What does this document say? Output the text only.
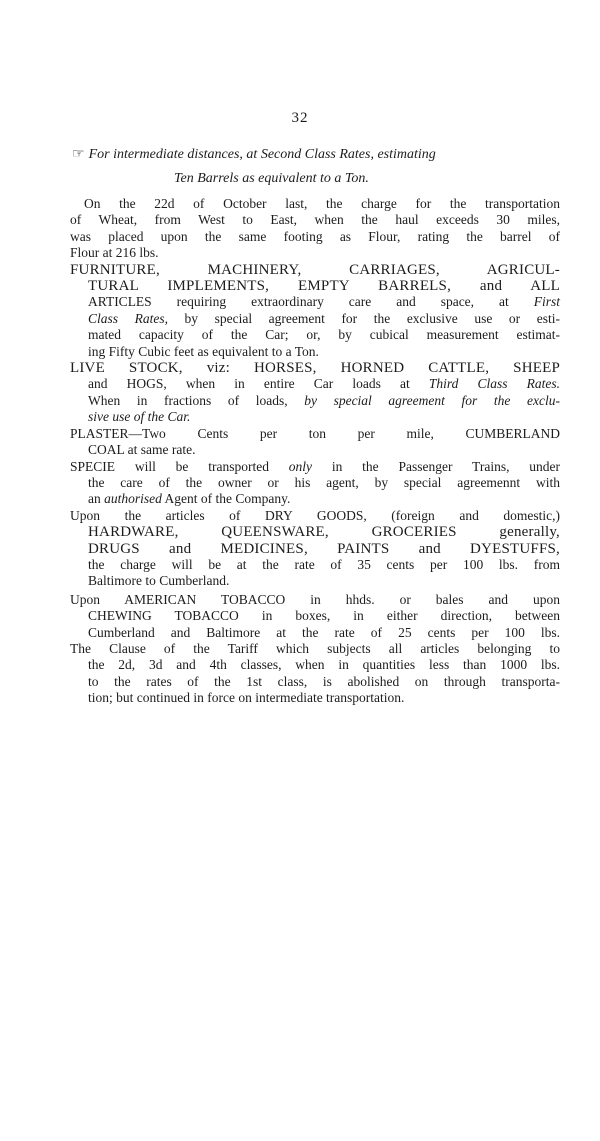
32
☞ For intermediate distances, at Second Class Rates, estimating
Ten Barrels as equivalent to a Ton.
On the 22d of October last, the charge for the transportation
of Wheat, from West to East, when the haul exceeds 30 miles,
was placed upon the same footing as Flour, rating the barrel of
Flour at 216 lbs.
FURNITURE, MACHINERY, CARRIAGES, AGRICUL-
TURAL IMPLEMENTS, EMPTY BARRELS, and ALL
ARTICLES requiring extraordinary care and space, at First
Class Rates, by special agreement for the exclusive use or esti-
mated capacity of the Car; or, by cubical measurement estimat-
ing Fifty Cubic feet as equivalent to a Ton.
LIVE STOCK, viz: HORSES, HORNED CATTLE, SHEEP
and HOGS, when in entire Car loads at Third Class Rates.
When in fractions of loads, by special agreement for the exclu-
sive use of the Car.
PLASTER—Two Cents per ton per mile, CUMBERLAND
COAL at same rate.
SPECIE will be transported only in the Passenger Trains, under
the care of the owner or his agent, by special agreemennt with
an authorised Agent of the Company.
Upon the articles of DRY GOODS, (foreign and domestic,)
HARDWARE, QUEENSWARE, GROCERIES generally,
DRUGS and MEDICINES, PAINTS and DYESTUFFS,
the charge will be at the rate of 35 cents per 100 lbs. from
Baltimore to Cumberland.
Upon AMERICAN TOBACCO in hhds. or bales and upon
CHEWING TOBACCO in boxes, in either direction, between
Cumberland and Baltimore at the rate of 25 cents per 100 lbs.
The Clause of the Tariff which subjects all articles belonging to
the 2d, 3d and 4th classes, when in quantities less than 1000 lbs.
to the rates of the 1st class, is abolished on through transporta-
tion; but continued in force on intermediate transportation.
